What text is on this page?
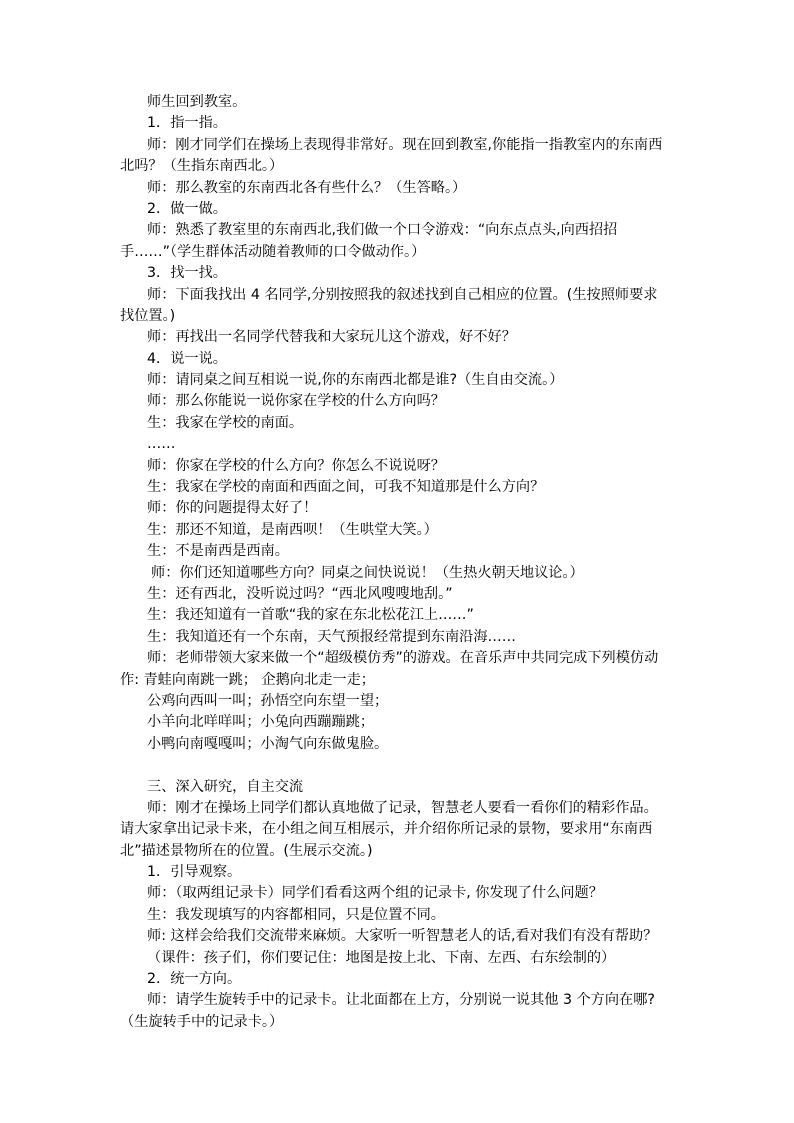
师生回到教室。
1．指一指。
师：刚才同学们在操场上表现得非常好。现在回到教室,你能指一指教室内的东南西
北吗？（生指东南西北。）
师：那么教室的东南西北各有些什么？（生答略。）
2．做一做。
师：熟悉了教室里的东南西北,我们做一个口令游戏：“向东点点头,向西招招
手……”（学生群体活动随着教师的口令做动作。）
3．找一找。
师：下面我找出 4 名同学,分别按照我的叙述找到自己相应的位置。(生按照师要求
找位置。)
师：再找出一名同学代替我和大家玩儿这个游戏，好不好？
4．说一说。
师：请同桌之间互相说一说,你的东南西北都是谁?（生自由交流。）
师：那么你能说一说你家在学校的什么方向吗？
生：我家在学校的南面。
……
师：你家在学校的什么方向？你怎么不说说呀？
生：我家在学校的南面和西面之间，可我不知道那是什么方向？
师：你的问题提得太好了！
生：那还不知道，是南西呗！（生哄堂大笑。）
生：不是南西是西南。
师：你们还知道哪些方向？同桌之间快说说！（生热火朝天地议论。）
生：还有西北，没听说过吗？“西北风嗖嗖地刮。”
生：我还知道有一首歌“我的家在东北松花江上……”
生：我知道还有一个东南，天气预报经常提到东南沿海……
师：老师带领大家来做一个“超级模仿秀”的游戏。在音乐声中共同完成下列模仿动
作: 青蛙向南跳一跳； 企鹅向北走一走；
公鸡向西叫一叫；孙悟空向东望一望；
小羊向北咩咩叫；小兔向西蹦蹦跳；
小鸭向南嘎嘎叫；小淘气向东做鬼脸。
三、深入研究，自主交流
师：刚才在操场上同学们都认真地做了记录，智慧老人要看一看你们的精彩作品。
请大家拿出记录卡来，在小组之间互相展示，并介绍你所记录的景物，要求用“东南西
北”描述景物所在的位置。(生展示交流。)
1．引导观察。
师：（取两组记录卡）同学们看看这两个组的记录卡, 你发现了什么问题？
生：我发现填写的内容都相同，只是位置不同。
师: 这样会给我们交流带来麻烦。大家听一听智慧老人的话,看对我们有没有帮助？
（课件：孩子们，你们要记住：地图是按上北、下南、左西、右东绘制的）
2．统一方向。
师：请学生旋转手中的记录卡。让北面都在上方，分别说一说其他 3 个方向在哪?
（生旋转手中的记录卡。）
